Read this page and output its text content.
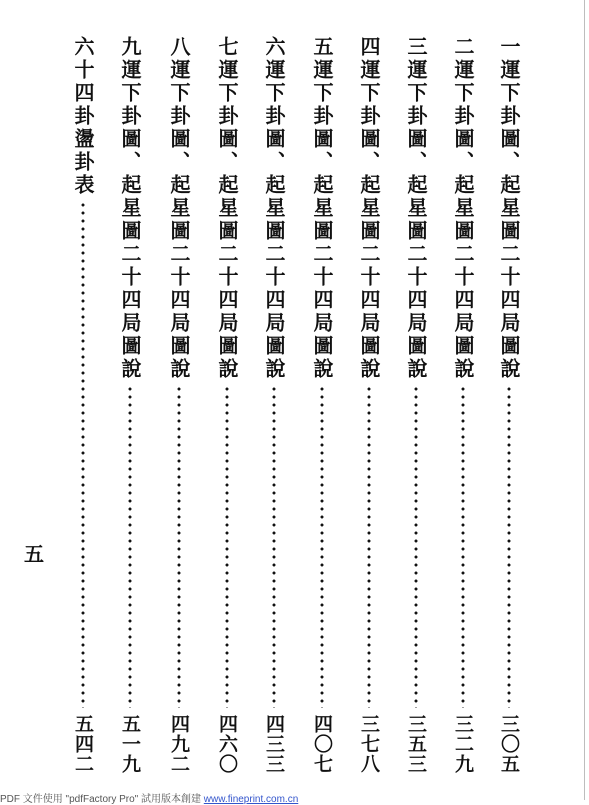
一運下卦圖、起星圖二十四局圖說
三〇五
二運下卦圖、起星圖二十四局圖說
三二九
三運下卦圖、起星圖二十四局圖說
三五三
四運下卦圖、起星圖二十四局圖說
三七八
五運下卦圖、起星圖二十四局圖說
四〇七
六運下卦圖、起星圖二十四局圖說
四三三
七運下卦圖、起星圖二十四局圖說
四六〇
八運下卦圖、起星圖二十四局圖說
四九二
九運下卦圖、起星圖二十四局圖說
五一九
六十四卦盪卦表
五四二
五
PDF 文件使用 "pdfFactory Pro" 試用版本創建 www.fineprint.com.cn
